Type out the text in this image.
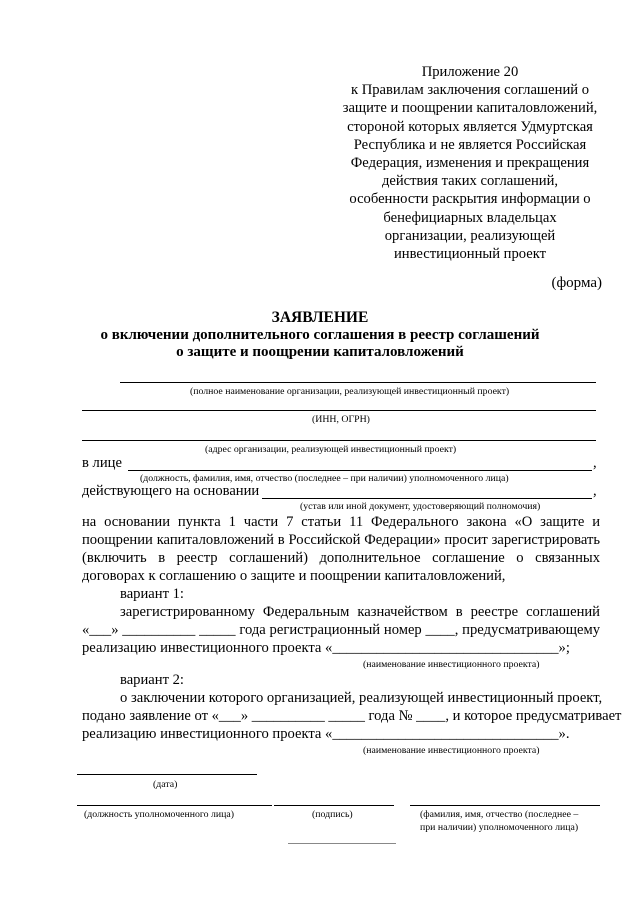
Приложение 20
к Правилам заключения соглашений о
защите и поощрении капиталовложений,
стороной которых является Удмуртская
Республика и не является Российская
Федерация, изменения и прекращения
действия таких соглашений,
особенности раскрытия информации о
бенефициарных владельцах
организации, реализующей
инвестиционный проект
(форма)
ЗАЯВЛЕНИЕ
о включении дополнительного соглашения в реестр соглашений
о защите и поощрении капиталовложений
(полное наименование организации, реализующей инвестиционный проект)
(ИНН, ОГРН)
(адрес организации, реализующей инвестиционный проект)
в лице	,
(должность, фамилия, имя, отчество (последнее – при наличии) уполномоченного лица)
действующего на основании	,
(устав или иной документ, удостоверяющий полномочия)
на основании пункта 1 части 7 статьи 11 Федерального закона «О защите и
поощрении капиталовложений в Российской Федерации» просит зарегистрировать
(включить в реестр соглашений) дополнительное соглашение о связанных
договорах к соглашению о защите и поощрении капиталовложений,
вариант 1:
зарегистрированному Федеральным казначейством в реестре соглашений
«___» __________ _____ года регистрационный номер ____, предусматривающему
реализацию инвестиционного проекта «_______________________________»;
(наименование инвестиционного проекта)
вариант 2:
о заключении которого организацией, реализующей инвестиционный проект,
подано заявление от «___» __________ _____ года № ____, и которое предусматривает
реализацию инвестиционного проекта «_______________________________».
(наименование инвестиционного проекта)
(дата)
(должность уполномоченного лица)	(подпись)	(фамилия, имя, отчество (последнее –
при наличии) уполномоченного лица)
